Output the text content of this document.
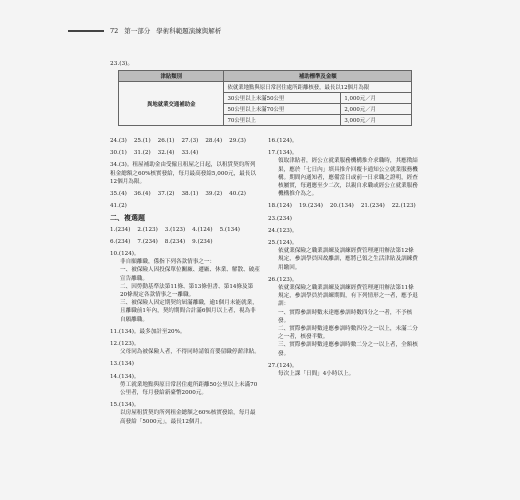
72 第一部分 學術科範題演練與解析
23.(3)。
津貼類別	補助標準及金額	
異地就業交通補助金	依就業地點與原日常居住處所距離核發，最長以12個月為限	
	30公里以上未滿50公里	1,000元／月
	50公里以上未滿70公里	2,000元／月
	70公里以上	3,000元／月
24.(3) 25.(1) 26.(1) 27.(3) 28.(4) 29.(3)
30.(1) 31.(2) 32.(4) 33.(4)
34.(3)。租屋補助金由受僱且租屋之日起，以租賃契約所列租金總額之60%核實發給，每月最高發給5,000元，最長以12個月為限。
35.(4) 36.(4) 37.(2) 38.(1) 39.(2) 40.(2)
41.(2)
二、複選題
1.(234) 2.(123) 3.(123) 4.(124) 5.(134)
6.(234) 7.(234) 8.(234) 9.(234)
10.(124)。
非自願離職，係指下列各款情事之一：
一、被保險人因投保單位關廠、遷廠、休業、解散、破產宣告離職。
二、因勞動基準法第11條、第13條但書、第14條及第20條規定各款情事之一離職。
三、被保險人因定期契約屆滿離職，逾1個月未能就業，且離職前1年內，契約期間合計滿6個月以上者，視為非自願離職。
11.(134)。最多加計至20%。
12.(123)。
父母同為被保險人者，不得同時請領育嬰留職停薪津貼。
13.(134)
14.(134)。
勞工就業地點與原日常居住處所距離50公里以上未滿70公里者，每月發給新臺幣2000元。
15.(134)。
以房屋租賃契約所列租金總額之60%核實發給，每月最高發給「5000元」，最長12個月。
16.(124)。
17.(134)。
領取津貼者，經公立就業服務機構推介求職時，其應徵結果，應於「七日內」填具推介回覆卡通知公立就業服務機構。期間內通知者，應備當日或前一日求職之證明，經查核屬實，每週應至少二次，以親自求職或經公立就業服務機構推介為之。
18.(124) 19.(234) 20.(134) 21.(234) 22.(123)
23.(234)
24.(123)。
25.(124)。
依就業保險之職業訓練及訓練經費管理運用辦法第12條規定，參訓學員因故離訓，應將已領之生活津貼及訓練費用繳回。
26.(123)。
依就業保險之職業訓練及訓練經費管理運用辦法第11條規定，參訓學員於訓練期間，有下列情形之一者，應予退訓：
一、實際參訓時數未達應參訓時數四分之一者，不予核發。
二、實際參訓時數達應參訓時數四分之一以上，未滿二分之一者，核發半數。
三、實際參訓時數達應參訓時數二分之一以上者，全額核發。
27.(124)。
每次上課「日間」4小時以上。
